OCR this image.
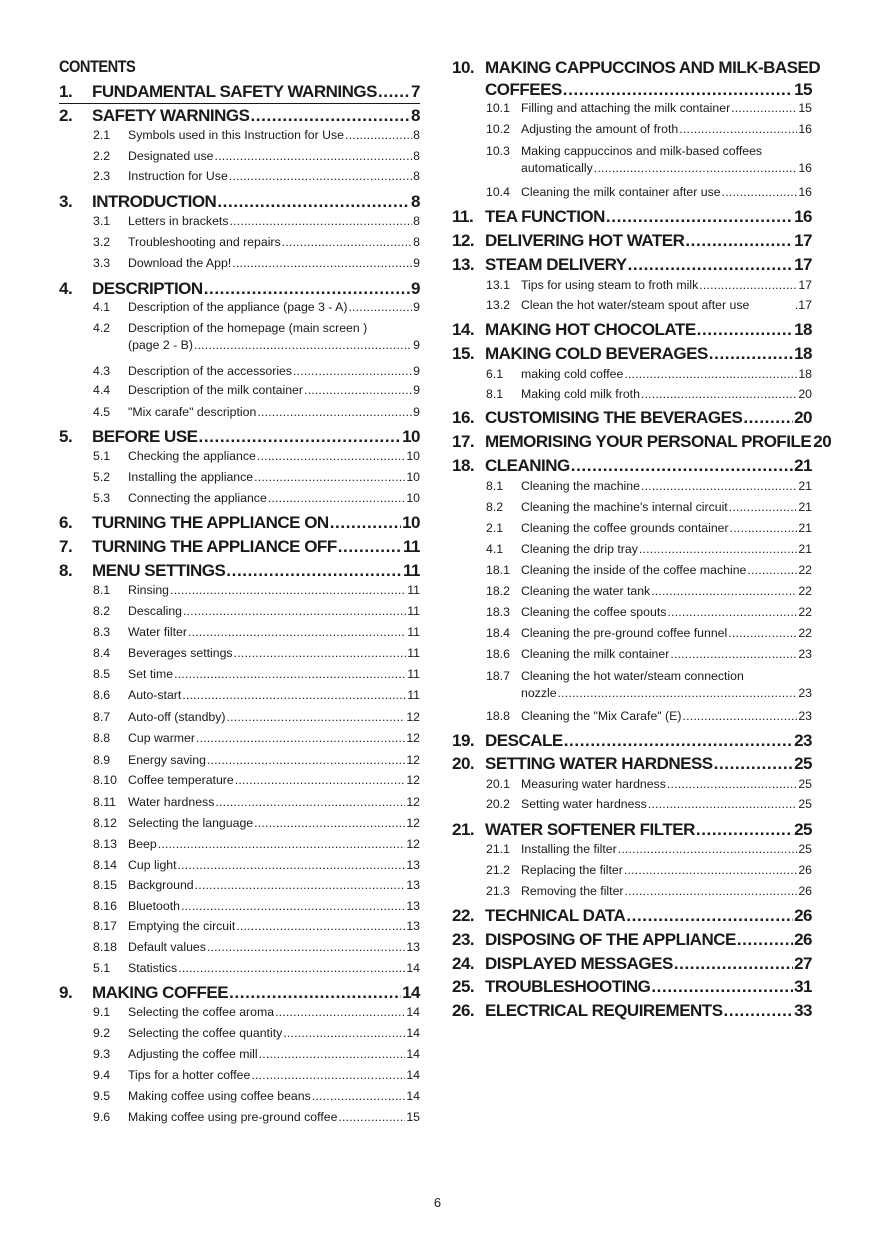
CONTENTS
1.	FUNDAMENTAL SAFETY WARNINGS ..... 7
2.	SAFETY WARNINGS .....	8
2.1	Symbols used in this Instruction for Use .....	8
2.2	Designated use .....	8
2.3	Instruction for Use .....	8
3.	INTRODUCTION .....	8
3.1	Letters in brackets .....	8
3.2	Troubleshooting and repairs .....	8
3.3	Download the App! .....	9
4.	DESCRIPTION .....	9
4.1	Description of the appliance (page 3 - A) .....	9
4.2	Description of the homepage (main screen )
(page 2 - B) .....	9
4.3	Description of the accessories .....	9
4.4	Description of the milk container .....	9
4.5	"Mix carafe" description .....	9
5.	BEFORE USE .....	10
5.1	Checking the appliance .....	10
5.2	Installing the appliance .....	10
5.3	Connecting the appliance .....	10
6.	TURNING THE APPLIANCE ON .....	10
7.	TURNING THE APPLIANCE OFF .....	11
8.	MENU SETTINGS .....	11
8.1	Rinsing .....	11
8.2	Descaling .....	11
8.3	Water filter .....	11
8.4	Beverages settings .....	11
8.5	Set time .....	11
8.6	Auto-start .....	11
8.7	Auto-off (standby) .....	12
8.8	Cup warmer .....	12
8.9	Energy saving .....	12
8.10 Coffee temperature .....	12
8.11 Water hardness .....	12
8.12 Selecting the language .....	12
8.13 Beep .....	12
8.14 Cup light .....	13
8.15 Background .....	13
8.16 Bluetooth .....	13
8.17 Emptying the circuit .....	13
8.18 Default values .....	13
5.1	Statistics .....	14
9.	MAKING COFFEE .....	14
9.1	Selecting the coffee aroma .....	14
9.2	Selecting the coffee quantity .....	14
9.3	Adjusting the coffee mill .....	14
9.4	Tips for a hotter coffee .....	14
9.5	Making coffee using coffee beans .....	14
9.6	Making coffee using pre-ground coffee .....	15
10. MAKING CAPPUCCINOS AND MILK-BASED
COFFEES .....	15
10.1 Filling and attaching the milk container .....	15
10.2 Adjusting the amount of froth .....	16
10.3 Making cappuccinos and milk-based coffees
automatically .....	16
10.4 Cleaning the milk container after use .....	16
11. TEA FUNCTION .....	16
12. DELIVERING HOT WATER .....	17
13. STEAM DELIVERY .....	17
13.1 Tips for using steam to froth milk .....	17
13.2 Clean the hot water/steam spout after use	.17
14. MAKING HOT CHOCOLATE .....	18
15. MAKING COLD BEVERAGES .....	18
6.1	making cold coffee .....	18
8.1	Making cold milk froth .....	20
16. CUSTOMISING THE BEVERAGES .....	20
17. MEMORISING YOUR PERSONAL PROFILE 20
18. CLEANING .....	21
8.1	Cleaning the machine .....	21
8.2	Cleaning the machine's internal circuit .....	21
2.1	Cleaning the coffee grounds container .....	21
4.1	Cleaning the drip tray .....	21
18.1 Cleaning the inside of the coffee machine .....	22
18.2 Cleaning the water tank .....	22
18.3 Cleaning the coffee spouts .....	22
18.4 Cleaning the pre-ground coffee funnel .....	22
18.6 Cleaning the milk container .....	23
18.7 Cleaning the hot water/steam connection
nozzle .....	23
18.8 Cleaning the "Mix Carafe" (E) .....	23
19. DESCALE .....	23
20. SETTING WATER HARDNESS .....	25
20.1 Measuring water hardness .....	25
20.2 Setting water hardness .....	25
21. WATER SOFTENER FILTER .....	25
21.1 Installing the filter .....	25
21.2 Replacing the filter .....	26
21.3 Removing the filter .....	26
22. TECHNICAL DATA .....	26
23. DISPOSING OF THE APPLIANCE .....	26
24. DISPLAYED MESSAGES .....	27
25. TROUBLESHOOTING .....	31
26. ELECTRICAL REQUIREMENTS .....	33
6
